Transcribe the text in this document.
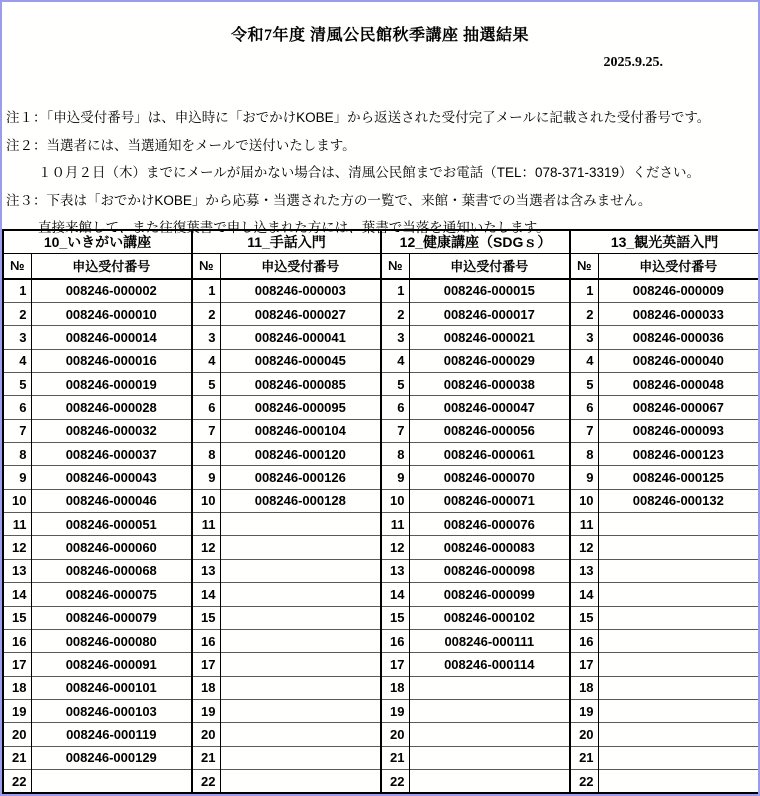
令和7年度 清風公民館秋季講座 抽選結果
2025.9.25.
注１：「申込受付番号」は、申込時に「おでかけKOBE」から返送された受付完了メールに記載された受付番号です。
注２：当選者には、当選通知をメールで送付いたします。
１０月２日（木）までにメールが届かない場合は、清風公民館までお電話（TEL：078-371-3319）ください。
注３：下表は「おでかけKOBE」から応募・当選された方の一覧で、来館・葉書での当選者は含みません。
直接来館して、また往復葉書で申し込まれた方には、葉書で当落を通知いたします。
10_いきがい講座		11_手話入門		12_健康講座（SDGｓ）		13_観光英語入門	
№	申込受付番号	№	申込受付番号	№	申込受付番号	№	申込受付番号
1	008246-000002	1	008246-000003	1	008246-000015	1	008246-000009
2	008246-000010	2	008246-000027	2	008246-000017	2	008246-000033
3	008246-000014	3	008246-000041	3	008246-000021	3	008246-000036
4	008246-000016	4	008246-000045	4	008246-000029	4	008246-000040
5	008246-000019	5	008246-000085	5	008246-000038	5	008246-000048
6	008246-000028	6	008246-000095	6	008246-000047	6	008246-000067
7	008246-000032	7	008246-000104	7	008246-000056	7	008246-000093
8	008246-000037	8	008246-000120	8	008246-000061	8	008246-000123
9	008246-000043	9	008246-000126	9	008246-000070	9	008246-000125
10	008246-000046	10	008246-000128	10	008246-000071	10	008246-000132
11	008246-000051	11		11	008246-000076	11	
12	008246-000060	12		12	008246-000083	12	
13	008246-000068	13		13	008246-000098	13	
14	008246-000075	14		14	008246-000099	14	
15	008246-000079	15		15	008246-000102	15	
16	008246-000080	16		16	008246-000111	16	
17	008246-000091	17		17	008246-000114	17	
18	008246-000101	18		18		18	
19	008246-000103	19		19		19	
20	008246-000119	20		20		20	
21	008246-000129	21		21		21	
22		22		22		22	
